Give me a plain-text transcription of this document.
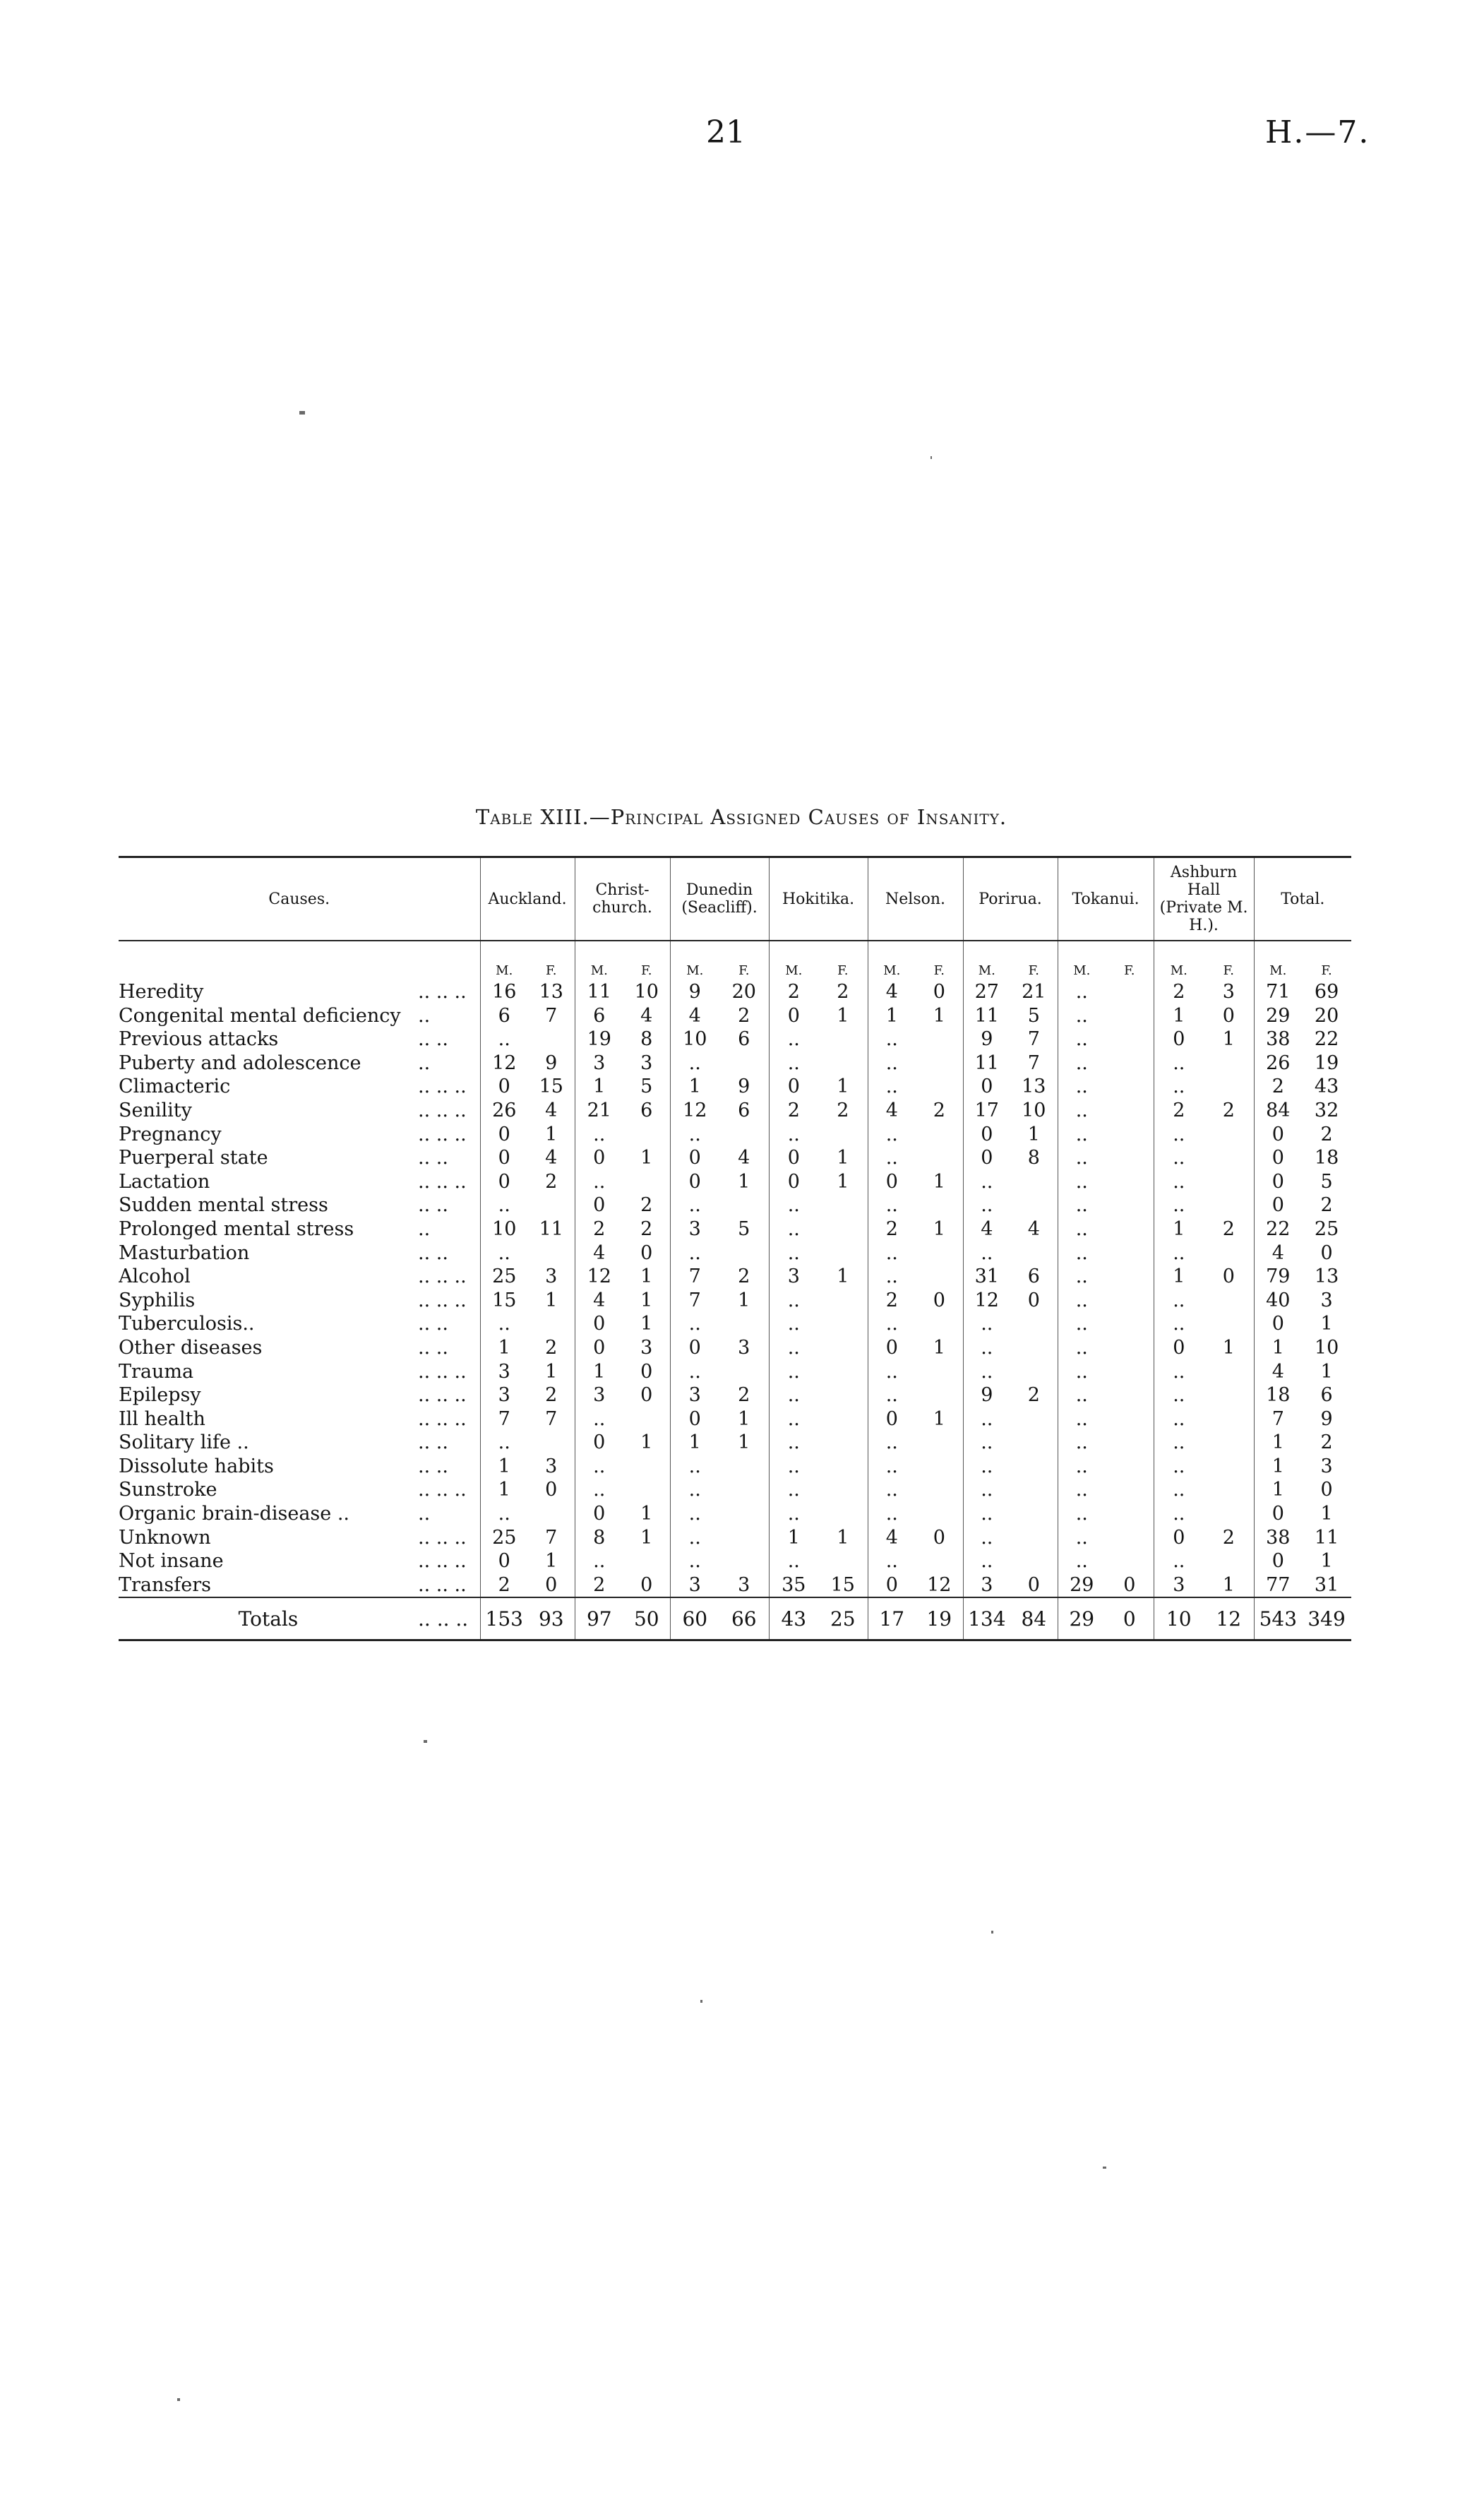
21	H.—7.
Table XIII.—Principal Assigned Causes of Insanity.
Causes.		Auckland.		Christ-church.		Dunedin (Seacliff).		Hokitika.		Nelson.		Porirua.		Tokanui.		Ashburn Hall (Private M. H.).		Total.	
		M.	F.	M.	F.	M.	F.	M.	F.	M.	F.	M.	F.	M.	F.	M.	F.	M.	F.
Heredity	.. .. ..	16	13	11	10	9	20	2	2	4	0	27	21	..		2	3	71	69
Congenital mental deficiency	..	6	7	6	4	4	2	0	1	1	1	11	5	..		1	0	29	20
Previous attacks	.. ..	..		19	8	10	6	..		..		9	7	..		0	1	38	22
Puberty and adolescence	..	12	9	3	3	..		..		..		11	7	..		..		26	19
Climacteric	.. .. ..	0	15	1	5	1	9	0	1	..		0	13	..		..		2	43
Senility	.. .. ..	26	4	21	6	12	6	2	2	4	2	17	10	..		2	2	84	32
Pregnancy	.. .. ..	0	1	..		..		..		..		0	1	..		..		0	2
Puerperal state	.. ..	0	4	0	1	0	4	0	1	..		0	8	..		..		0	18
Lactation	.. .. ..	0	2	..		0	1	0	1	0	1	..		..		..		0	5
Sudden mental stress	.. ..	..		0	2	..		..		..		..		..		..		0	2
Prolonged mental stress	..	10	11	2	2	3	5	..		2	1	4	4	..		1	2	22	25
Masturbation	.. ..	..		4	0	..		..		..		..		..		..		4	0
Alcohol	.. .. ..	25	3	12	1	7	2	3	1	..		31	6	..		1	0	79	13
Syphilis	.. .. ..	15	1	4	1	7	1	..		2	0	12	0	..		..		40	3
Tuberculosis..	.. ..	..		0	1	..		..		..		..		..		..		0	1
Other diseases	.. ..	1	2	0	3	0	3	..		0	1	..		..		0	1	1	10
Trauma	.. .. ..	3	1	1	0	..		..		..		..		..		..		4	1
Epilepsy	.. .. ..	3	2	3	0	3	2	..		..		9	2	..		..		18	6
Ill health	.. .. ..	7	7	..		0	1	..		0	1	..		..		..		7	9
Solitary life ..	.. ..	..		0	1	1	1	..		..		..		..		..		1	2
Dissolute habits	.. ..	1	3	..		..		..		..		..		..		..		1	3
Sunstroke	.. .. ..	1	0	..		..		..		..		..		..		..		1	0
Organic brain-disease ..	..	..		0	1	..		..		..		..		..		..		0	1
Unknown	.. .. ..	25	7	8	1	..		1	1	4	0	..		..		0	2	38	11
Not insane	.. .. ..	0	1	..		..		..		..		..		..		..		0	1
Transfers	.. .. ..	2	0	2	0	3	3	35	15	0	12	3	0	29	0	3	1	77	31
Totals	.. .. ..	153	93	97	50	60	66	43	25	17	19	134	84	29	0	10	12	543	349
